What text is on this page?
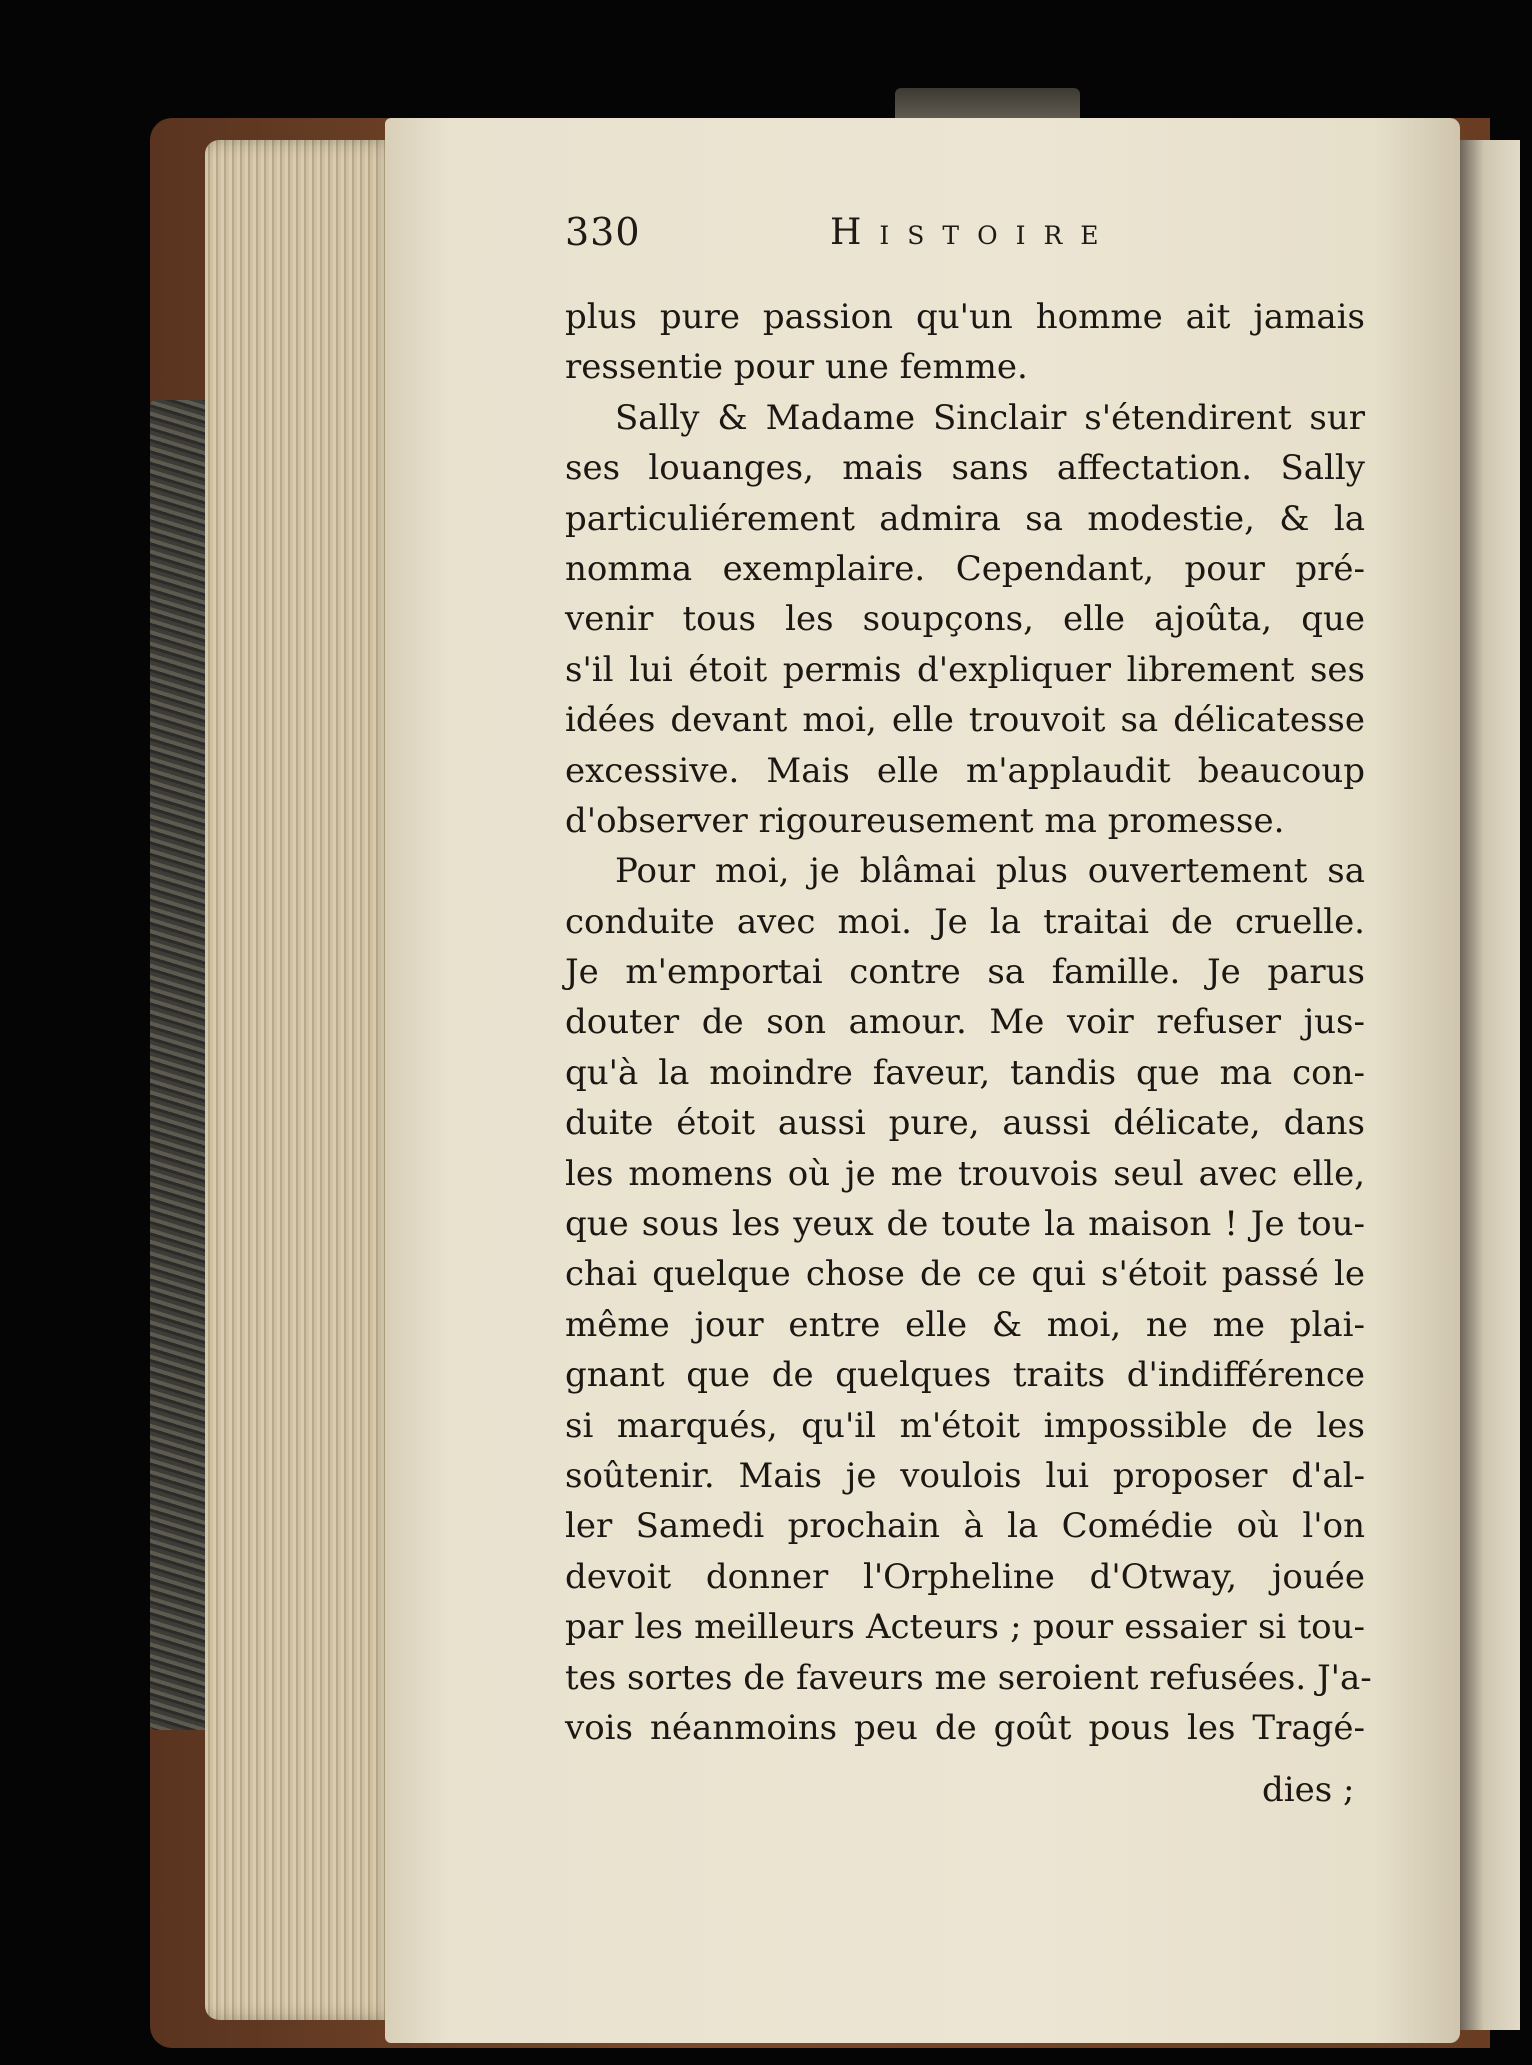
330	Histoire
plus pure passion qu'un homme ait jamais
ressentie pour une femme.
Sally & Madame Sinclair s'étendirent sur
ses louanges, mais sans affectation. Sally
particuliérement admira sa modestie, & la
nomma exemplaire. Cependant, pour pré-
venir tous les soupçons, elle ajoûta, que
s'il lui étoit permis d'expliquer librement ses
idées devant moi, elle trouvoit sa délicatesse
excessive. Mais elle m'applaudit beaucoup
d'observer rigoureusement ma promesse.
Pour moi, je blâmai plus ouvertement sa
conduite avec moi. Je la traitai de cruelle.
Je m'emportai contre sa famille. Je parus
douter de son amour. Me voir refuser jus-
qu'à la moindre faveur, tandis que ma con-
duite étoit aussi pure, aussi délicate, dans
les momens où je me trouvois seul avec elle,
que sous les yeux de toute la maison ! Je tou-
chai quelque chose de ce qui s'étoit passé le
même jour entre elle & moi, ne me plai-
gnant que de quelques traits d'indifférence
si marqués, qu'il m'étoit impossible de les
soûtenir. Mais je voulois lui proposer d'al-
ler Samedi prochain à la Comédie où l'on
devoit donner l'Orpheline d'Otway, jouée
par les meilleurs Acteurs ; pour essaier si tou-
tes sortes de faveurs me seroient refusées. J'a-
vois néanmoins peu de goût pous les Tragé-
dies ;
